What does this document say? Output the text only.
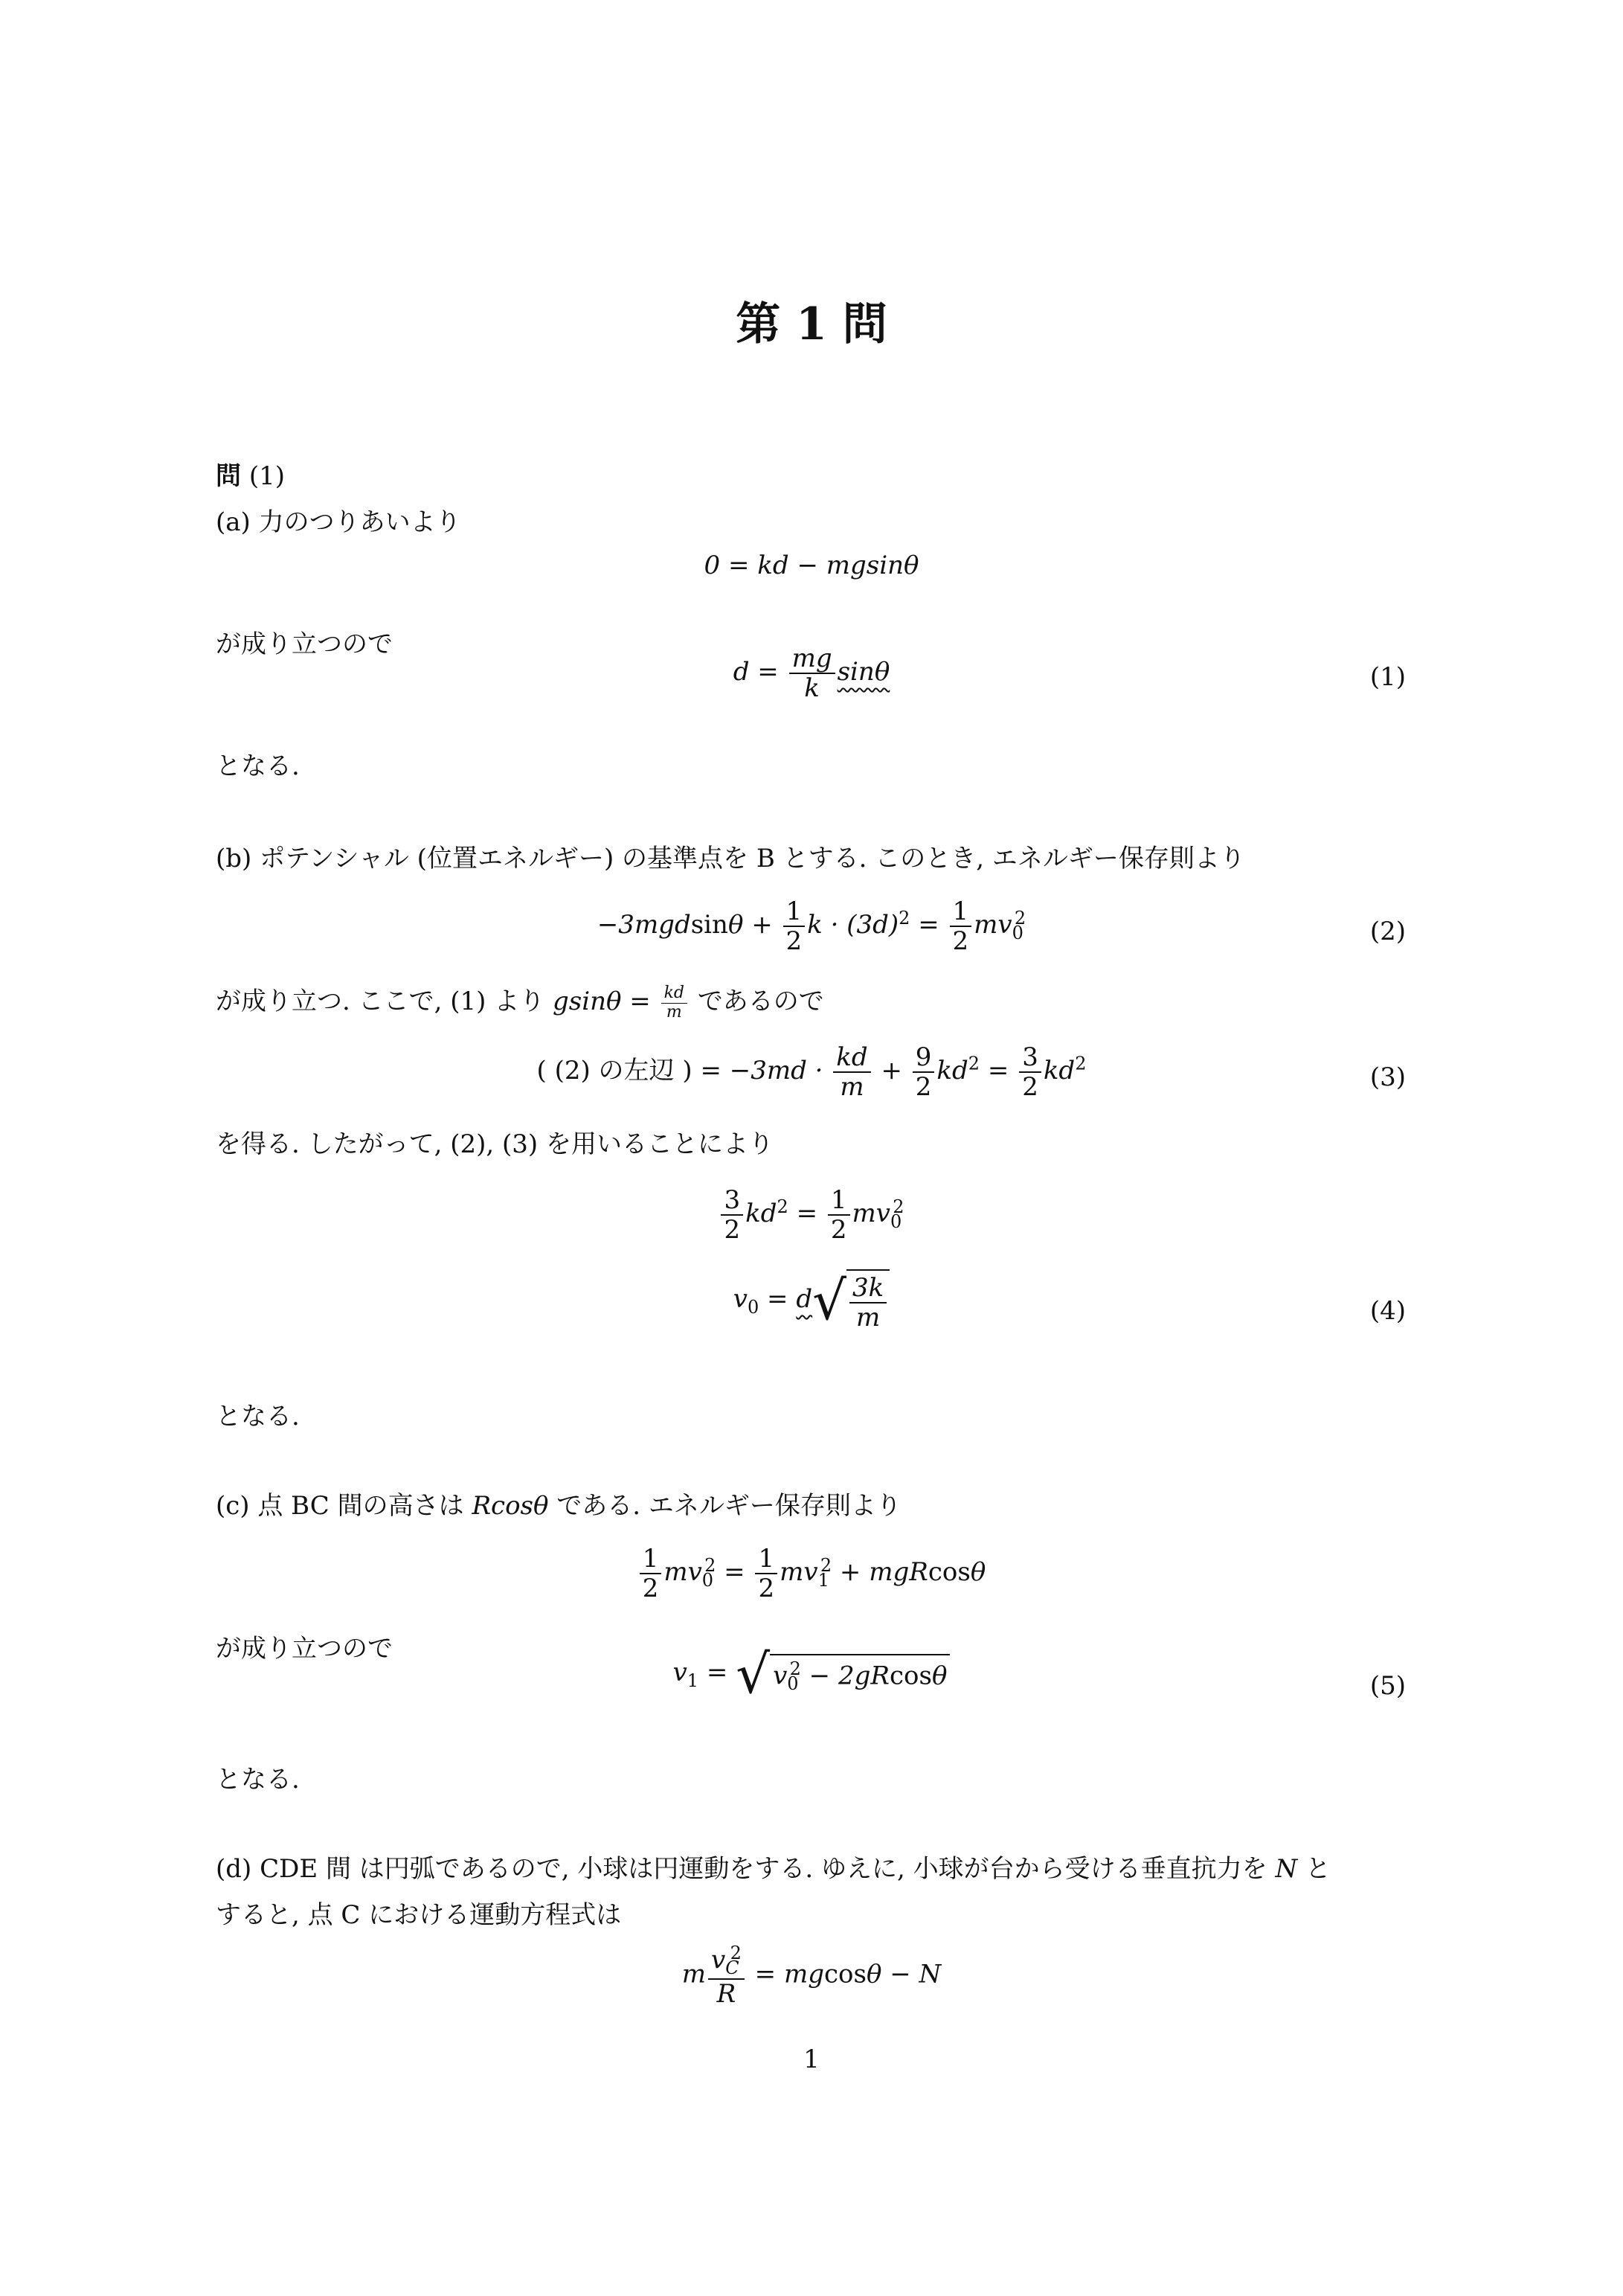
第 1 問
問 (1)
(a) 力のつりあいより
0 = kd − mgsinθ
が成り立つので
$d = \frac{mg}{k}$ sinθ	(1)
となる.
(b) ポテンシャル (位置エネルギー) の基準点を B とする. このとき, エネルギー保存則より
$-3mgdsin\theta + \frac{1}{2}$ $k \cdot (3d)^2 = \frac{1}{2} mv_0^2$	(2)
が成り立つ. ここで, (1) より $gsin\theta = \frac{kd}{m}$ であるので
( (2) の左辺 ) = $-3md \cdot \frac{kd}{m} + \frac{9}{2} kd^2 = \frac{3}{2} kd^2$	(3)
を得る. したがって, (2), (3) を用いることにより
$\frac{3}{2} kd^2 = \frac{1}{2} mv_0^2$
$v_0 = d√ \frac{3k}{m}$	(4)
となる.
(c) 点 BC 間の高さは Rcosθ である. エネルギー保存則より
$\frac{1}{2} mv_0^2 = \frac{1}{2} mv_1^2 + mgRcos\theta$
が成り立つので
$v_1$ = √ $v_0^2 - 2gRcos\theta$	(5)
となる.
(d) CDE 間 は円弧であるので, 小球は円運動をする. ゆえに, 小球が台から受ける垂直抗力を N と
すると, 点 C における運動方程式は
m $\frac{v_C^2}{R} = mgcos\theta - N$
1
